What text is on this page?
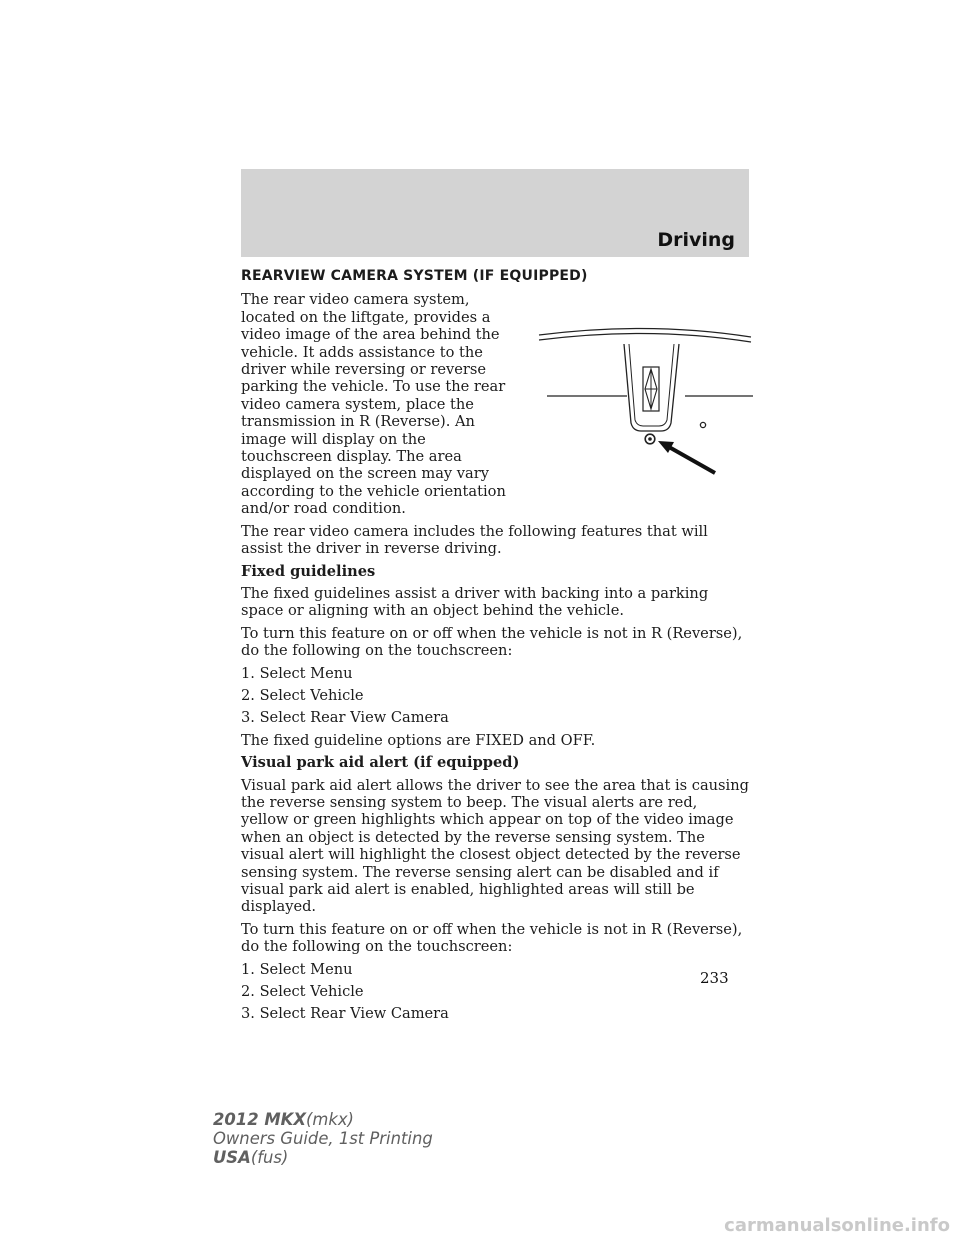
Driving
REARVIEW CAMERA SYSTEM (IF EQUIPPED)

The rear video camera system, located on the liftgate, provides a video image of the area behind the vehicle. It adds assistance to the driver while reversing or reverse parking the vehicle. To use the rear video camera system, place the transmission in R (Reverse). An image will display on the touchscreen display. The area displayed on the screen may vary according to the vehicle orientation and/or road condition.

The rear video camera includes the following features that will assist the driver in reverse driving.

Fixed guidelines

The fixed guidelines assist a driver with backing into a parking space or aligning with an object behind the vehicle.

To turn this feature on or off when the vehicle is not in R (Reverse), do the following on the touchscreen:

1. Select Menu

2. Select Vehicle

3. Select Rear View Camera

The fixed guideline options are FIXED and OFF.

Visual park aid alert (if equipped)

Visual park aid alert allows the driver to see the area that is causing the reverse sensing system to beep. The visual alerts are red, yellow or green highlights which appear on top of the video image when an object is detected by the reverse sensing system. The visual alert will highlight the closest object detected by the reverse sensing system. The reverse sensing alert can be disabled and if visual park aid alert is enabled, highlighted areas will still be displayed.

To turn this feature on or off when the vehicle is not in R (Reverse), do the following on the touchscreen:

1. Select Menu

2. Select Vehicle

3. Select Rear View Camera

233
2012 MKX(mkx)
Owners Guide, 1st Printing
USA(fus)
carmanualsonline.info
